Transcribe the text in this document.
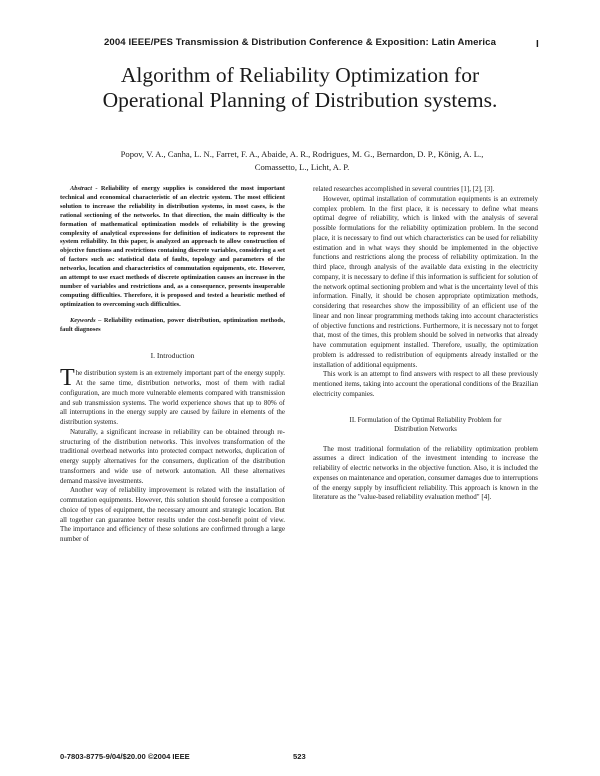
2004 IEEE/PES Transmission & Distribution Conference & Exposition: Latin America	I
Algorithm of Reliability Optimization for
Operational Planning of Distribution systems.
Popov, V. A., Canha, L. N., Farret, F. A., Abaide, A. R., Rodrigues, M. G., Bernardon, D. P., König, A. L.,
Comassetto, L., Licht, A. P.

Abstract - Reliability of energy supplies is considered the most important technical and economical characteristic of an electric system. The most efficient solution to increase the reliability in distribution systems, in most cases, is the rational sectioning of the networks. In that direction, the main difficulty is the formation of mathematical optimization models of reliability is the growing complexity of analytical expressions for definition of indicators to represent the system reliability. In this paper, is analyzed an approach to allow construction of objective functions and restrictions containing discrete variables, considering a set of factors such as: statistical data of faults, topology and parameters of the networks, location and characteristics of commutation equipments, etc. However, an attempt to use exact methods of discrete optimization causes an increase in the number of variables and restrictions and, as a consequence, presents insuperable computing difficulties. Therefore, it is proposed and tested a heuristic method of optimization to overcoming such difficulties.

Keywords – Reliability estimation, power distribution, optimization methods, fault diagnoses

I. Introduction

The distribution system is an extremely important part of the energy supply. At the same time, distribution networks, most of them with radial configuration, are much more vulnerable elements compared with transmission and sub transmission systems. The world experience shows that up to 80% of all interruptions in the energy supply are caused by failure in elements of the distribution systems.

Naturally, a significant increase in reliability can be obtained through re-structuring of the distribution networks. This involves transformation of the traditional overhead networks into protected compact networks, duplication of energy supply alternatives for the consumers, duplication of the distribution transformers and wide use of network automation. All these alternatives demand massive investments.

Another way of reliability improvement is related with the installation of commutation equipments. However, this solution should foresee a composition choice of types of equipment, the necessary amount and strategic location. But all together can guarantee better results under the cost-benefit point of view. The importance and efficiency of these solutions are confirmed through a large number of

related researches accomplished in several countries [1], [2], [3].

However, optimal installation of commutation equipments is an extremely complex problem. In the first place, it is necessary to define what means optimal degree of reliability, which is linked with the analysis of several possible formulations for the reliability optimization problem. In the second place, it is necessary to find out which characteristics can be used for reliability estimation and in what ways they should be implemented in the objective functions and restrictions along the process of reliability optimization. In the third place, through analysis of the available data existing in the electricity company, it is necessary to define if this information is sufficient for solution of the network optimal sectioning problem and what is the uncertainty level of this information. Finally, it should be chosen appropriate optimization methods, considering that researches show the impossibility of an efficient use of the linear and non linear programming methods taking into account characteristics of objective functions and restrictions. Furthermore, it is necessary not to forget that, most of the times, this problem should be solved in networks that already have commutation equipment installed. Therefore, usually, the optimization problem is addressed to redistribution of equipments already installed or the installation of additional equipments.

This work is an attempt to find answers with respect to all these previously mentioned items, taking into account the operational conditions of the Brazilian electricity companies.

II. Formulation of the Optimal Reliability Problem for
Distribution Networks

The most traditional formulation of the reliability optimization problem assumes a direct indication of the investment intending to increase the reliability of electric networks in the objective function. Also, it is included the expenses on maintenance and operation, consumer damages due to interruptions of the energy supply by insufficient reliability. This approach is known in the literature as the "value-based reliability evaluation method" [4].

0-7803-8775-9/04/$20.00 ©2004 IEEE	523
